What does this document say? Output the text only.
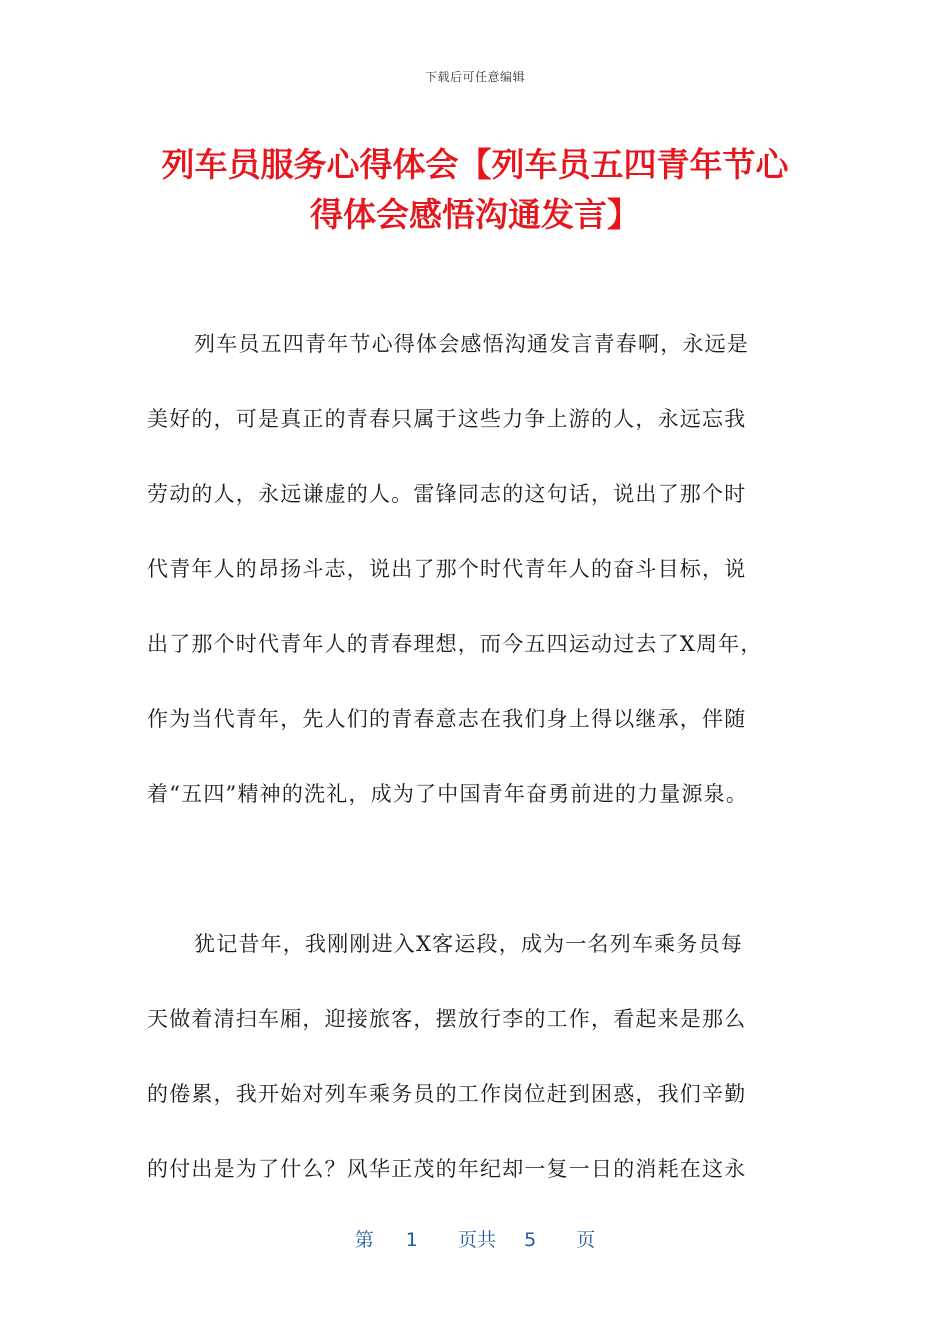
下载后可任意编辑
列车员服务心得体会【列车员五四青年节心
得体会感悟沟通发言】
列车员五四青年节心得体会感悟沟通发言青春啊，永远是
美好的，可是真正的青春只属于这些力争上游的人，永远忘我
劳动的人，永远谦虚的人。雷锋同志的这句话，说出了那个时
代青年人的昂扬斗志，说出了那个时代青年人的奋斗目标，说
出了那个时代青年人的青春理想，而今五四运动过去了X周年，
作为当代青年，先人们的青春意志在我们身上得以继承，伴随
着“五四”精神的洗礼，成为了中国青年奋勇前进的力量源泉。
犹记昔年，我刚刚进入X客运段，成为一名列车乘务员每
天做着清扫车厢，迎接旅客，摆放行李的工作，看起来是那么
的倦累，我开始对列车乘务员的工作岗位赶到困惑，我们辛勤
的付出是为了什么？风华正茂的年纪却一复一日的消耗在这永
第 1 页共 5 页
